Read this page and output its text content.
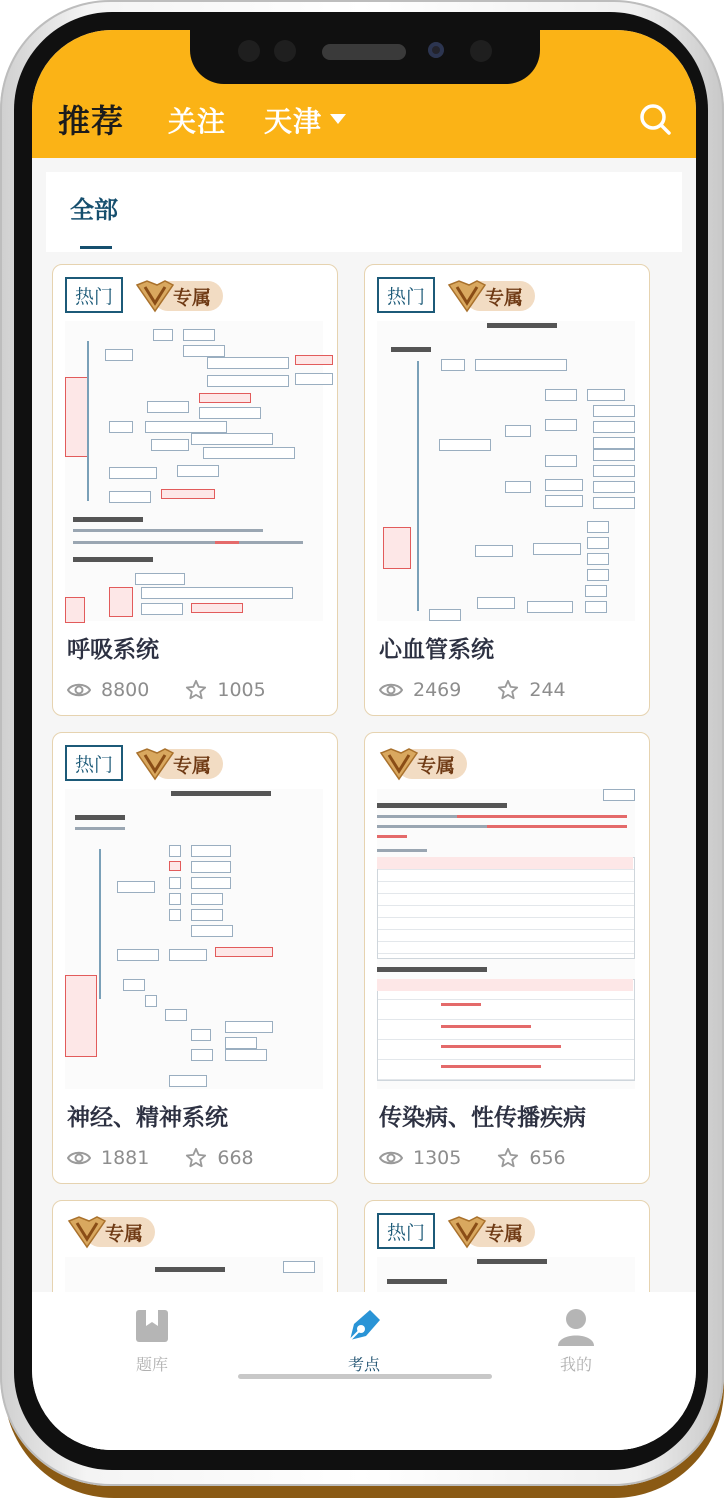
推荐 关注 天津
全部
热门	专属
呼吸系统
8800	1005
热门	专属
心血管系统
2469	244
热门	专属
神经、精神系统
1881	668
专属
传染病、性传播疾病
1305	656
专属	热门	专属
题库	考点	我的
